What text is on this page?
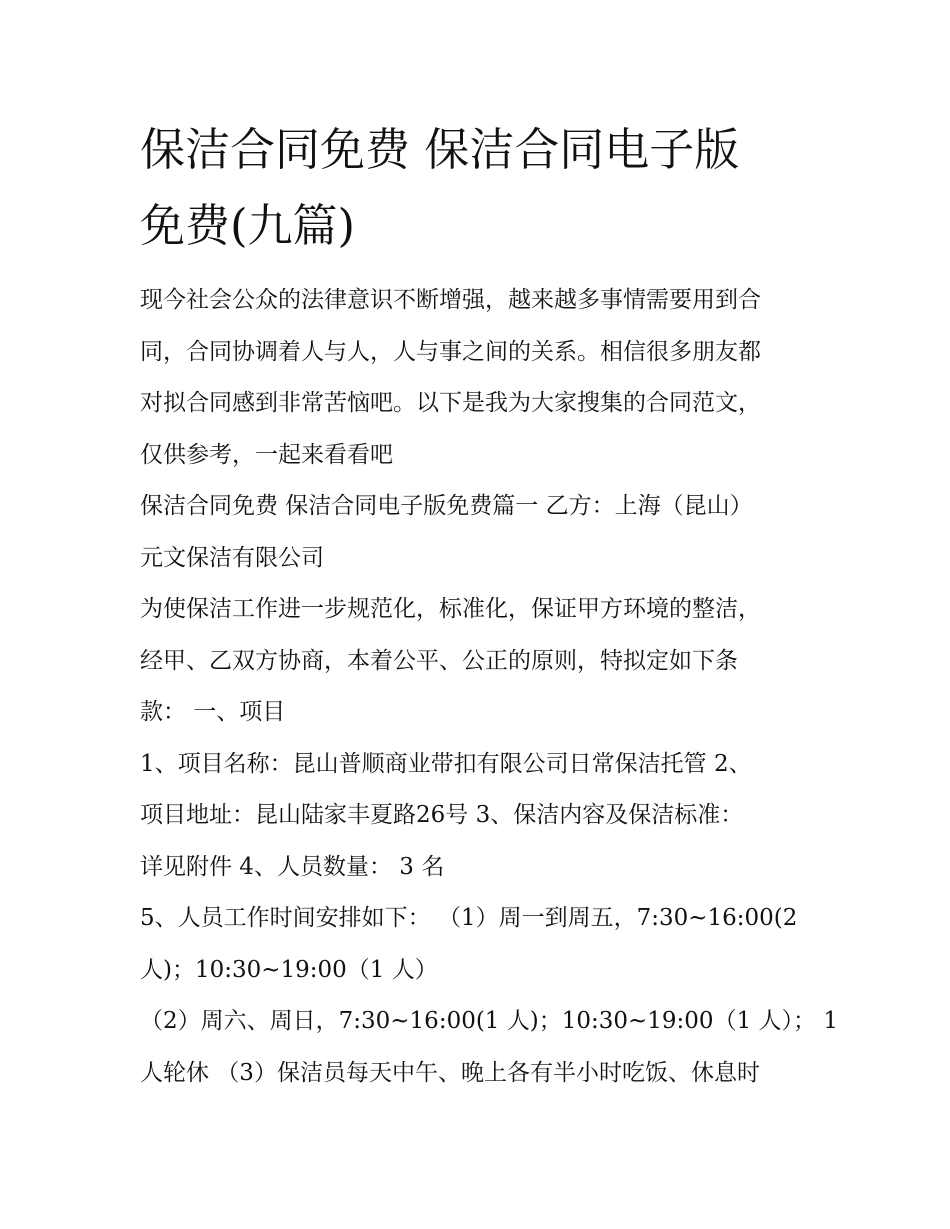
保洁合同免费 保洁合同电子版
免费(九篇)
现今社会公众的法律意识不断增强，越来越多事情需要用到合
同，合同协调着人与人，人与事之间的关系。相信很多朋友都
对拟合同感到非常苦恼吧。以下是我为大家搜集的合同范文，
仅供参考，一起来看看吧
保洁合同免费 保洁合同电子版免费篇一 乙方：上海（昆山）
元文保洁有限公司
为使保洁工作进一步规范化，标准化，保证甲方环境的整洁，
经甲、乙双方协商，本着公平、公正的原则，特拟定如下条
款： 一、项目
1、项目名称：昆山普顺商业带扣有限公司日常保洁托管 2、
项目地址：昆山陆家丰夏路26号 3、保洁内容及保洁标准：
详见附件 4、人员数量： 3 名
5、人员工作时间安排如下： （1）周一到周五，7:30~16:00(2
人)；10:30~19:00（1 人）
（2）周六、周日，7:30~16:00(1 人)；10:30~19:00（1 人）； 1
人轮休 （3）保洁员每天中午、晚上各有半小时吃饭、休息时
